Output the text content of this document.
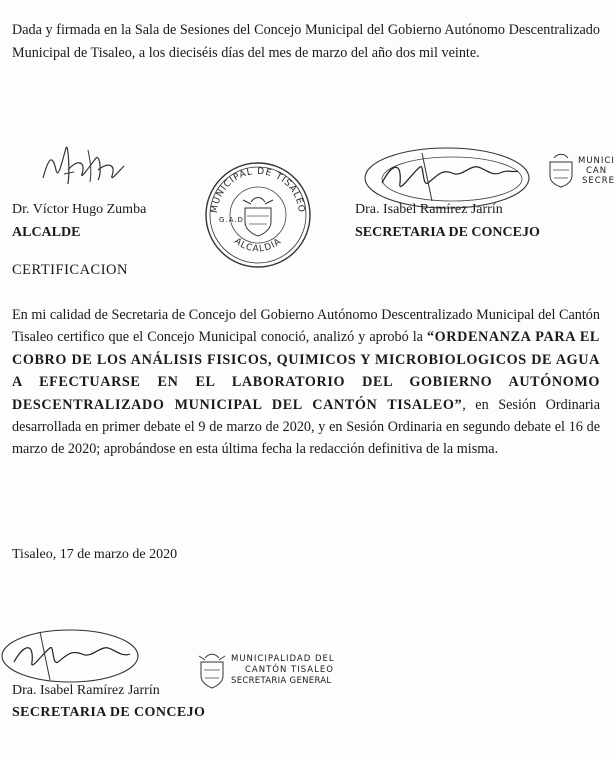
Dada y firmada en la Sala de Sesiones del Concejo Municipal del Gobierno Autónomo Descentralizado Municipal de Tisaleo, a los dieciséis días del mes de marzo del año dos mil veinte.

Dr. Víctor Hugo Zumba

ALCALDE

MUNICIPAL DE TISALEO
ALCALDIA
G.A.D.
MUNICI
CAN
SECRE

Dra. Isabel Ramírez Jarrín

SECRETARIA DE CONCEJO

CERTIFICACION

En mi calidad de Secretaria de Concejo del Gobierno Autónomo Descentralizado Municipal del Cantón Tisaleo certifico que el Concejo Municipal conoció, analizó y aprobó la “ORDENANZA PARA EL COBRO DE LOS ANÁLISIS FISICOS, QUIMICOS Y MICROBIOLOGICOS DE AGUA A EFECTUARSE EN EL LABORATORIO DEL GOBIERNO AUTÓNOMO DESCENTRALIZADO MUNICIPAL DEL CANTÓN TISALEO”, en Sesión Ordinaria desarrollada en primer debate el 9 de marzo de 2020, y en Sesión Ordinaria en segundo debate el 16 de marzo de 2020; aprobándose en esta última fecha la redacción definitiva de la misma.

Tisaleo, 17 de marzo de 2020

MUNICIPALIDAD DEL
CANTÓN TISALEO
SECRETARIA GENERAL

Dra. Isabel Ramírez Jarrín

SECRETARIA DE CONCEJO
